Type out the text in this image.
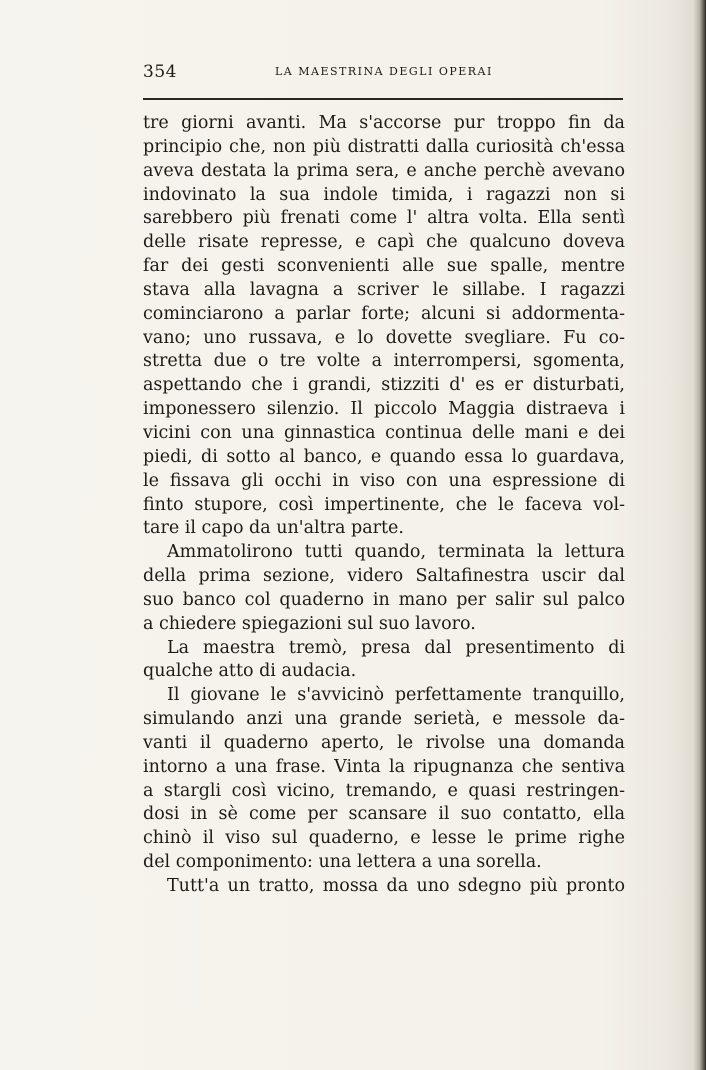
354	LA MAESTRINA DEGLI OPERAI
tre giorni avanti. Ma s'accorse pur troppo fin da
principio che, non più distratti dalla curiosità ch'essa
aveva destata la prima sera, e anche perchè avevano
indovinato la sua indole timida, i ragazzi non si
sarebbero più frenati come l' altra volta. Ella sentì
delle risate represse, e capì che qualcuno doveva
far dei gesti sconvenienti alle sue spalle, mentre
stava alla lavagna a scriver le sillabe. I ragazzi
cominciarono a parlar forte; alcuni si addormenta-
vano; uno russava, e lo dovette svegliare. Fu co-
stretta due o tre volte a interrompersi, sgomenta,
aspettando che i grandi, stizziti d' es er disturbati,
imponessero silenzio. Il piccolo Maggia distraeva i
vicini con una ginnastica continua delle mani e dei
piedi, di sotto al banco, e quando essa lo guardava,
le fissava gli occhi in viso con una espressione di
finto stupore, così impertinente, che le faceva vol-
tare il capo da un'altra parte.
Ammatolirono tutti quando, terminata la lettura
della prima sezione, videro Saltafinestra uscir dal
suo banco col quaderno in mano per salir sul palco
a chiedere spiegazioni sul suo lavoro.
La maestra tremò, presa dal presentimento di
qualche atto di audacia.
Il giovane le s'avvicinò perfettamente tranquillo,
simulando anzi una grande serietà, e messole da-
vanti il quaderno aperto, le rivolse una domanda
intorno a una frase. Vinta la ripugnanza che sentiva
a stargli così vicino, tremando, e quasi restringen-
dosi in sè come per scansare il suo contatto, ella
chinò il viso sul quaderno, e lesse le prime righe
del componimento: una lettera a una sorella.
Tutt'a un tratto, mossa da uno sdegno più pronto
